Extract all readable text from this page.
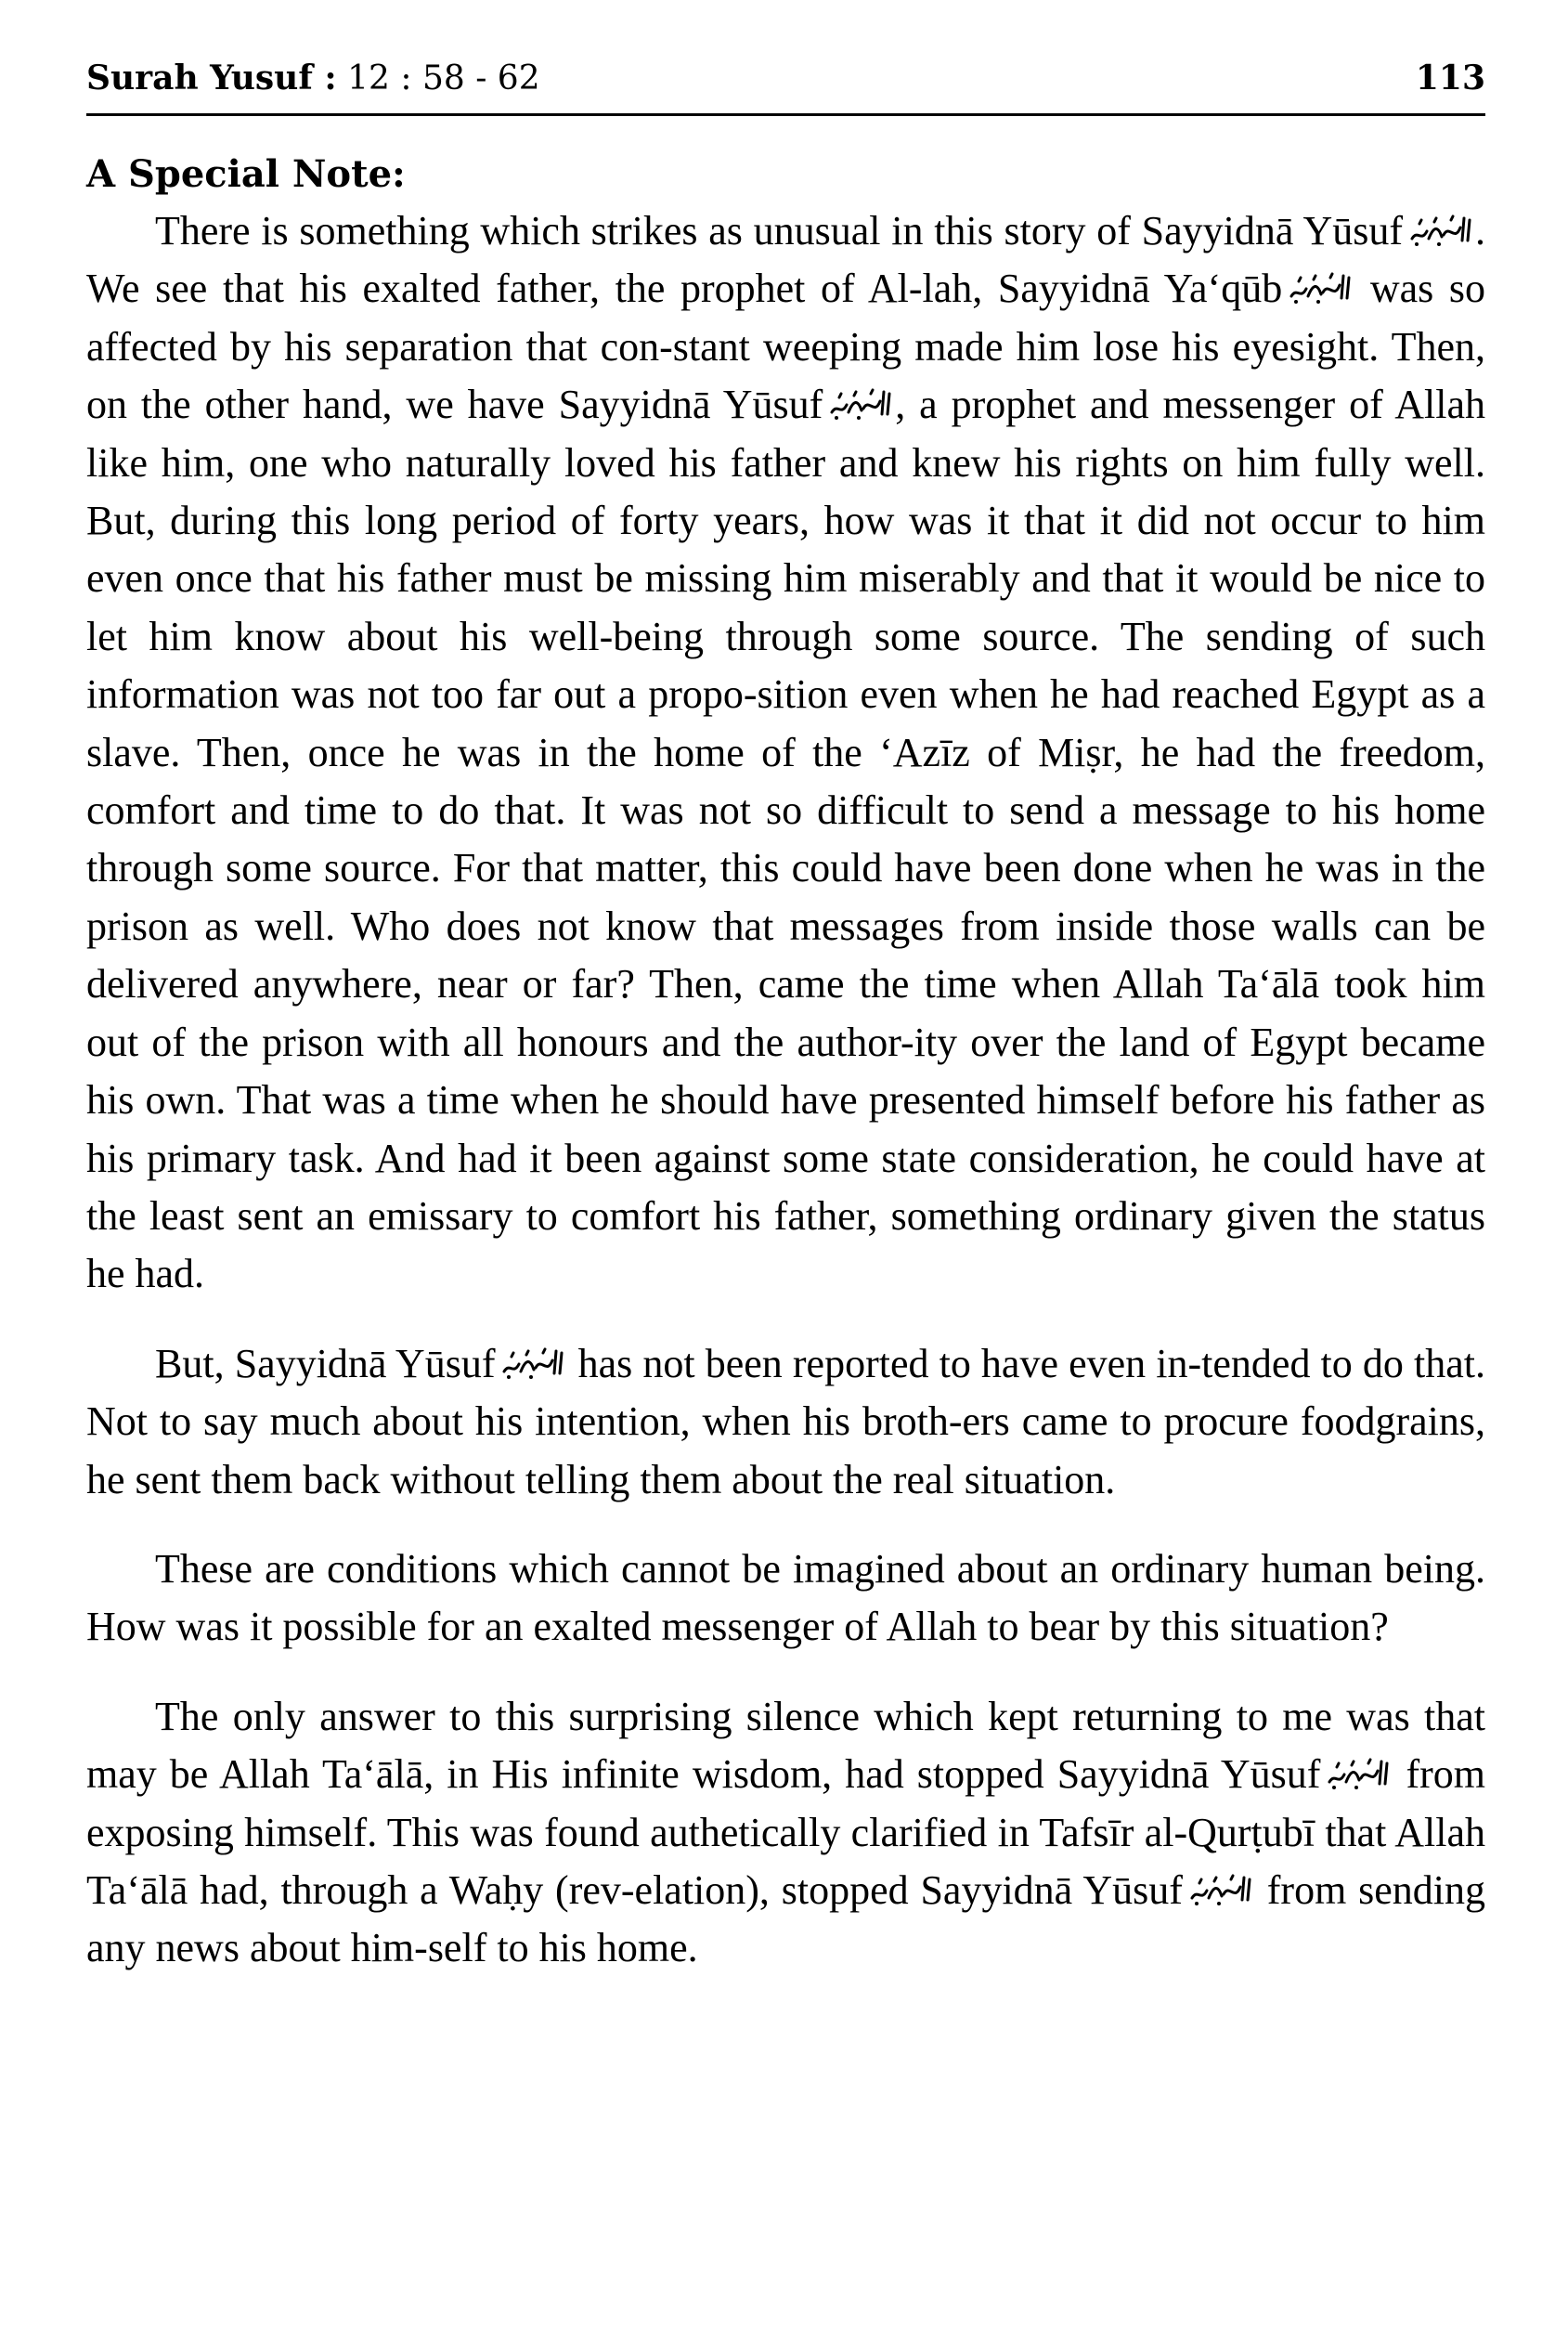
Surah Yusuf : 12 : 58 - 62	113
A Special Note:

There is something which strikes as unusual in this story of Sayyidnā Yūsuf . We see that his exalted father, the prophet of Al-lah, Sayyidnā Ya‘qūb
was so affected by his separation that con-stant weeping made him lose his eyesight. Then, on the other hand, we have Sayyidnā Yūsuf , a prophet and messenger of Allah like him, one who naturally loved his father and knew his rights on him fully well. But, during this long period of forty years, how was it that it did not occur to him even once that his father must be missing him miserably and that it would be nice to let him know about his well-being through some source. The sending of such information was not too far out a propo-sition even when he had reached Egypt as a slave. Then, once he was in the home of the ‘Azīz of Miṣr, he had the freedom, comfort and time to do that. It was not so difficult to send a message to his home through some source. For that matter, this could have been done when he was in the prison as well. Who does not know that messages from inside those walls can be delivered anywhere, near or far? Then, came the time when Allah Ta‘ālā took him out of the prison with all honours and the author-ity over the land of Egypt became his own. That was a time when he should have presented himself before his father as his primary task. And had it been against some state consideration, he could have at the least sent an emissary to comfort his father, something ordinary given the status he had.

But, Sayyidnā Yūsuf
has not been reported to have even in-tended to do that. Not to say much about his intention, when his broth-ers came to procure foodgrains, he sent them back without telling them about the real situation.

These are conditions which cannot be imagined about an ordinary human being. How was it possible for an exalted messenger of Allah to bear by this situation?

The only answer to this surprising silence which kept returning to me was that may be Allah Ta‘ālā, in His infinite wisdom, had stopped Sayyidnā Yūsuf
from exposing himself. This was found authetically clarified in Tafsīr al-Qurṭubī that Allah Ta‘ālā had, through a Waḥy (rev-elation), stopped Sayyidnā Yūsuf
from sending any news about him-self to his home.
